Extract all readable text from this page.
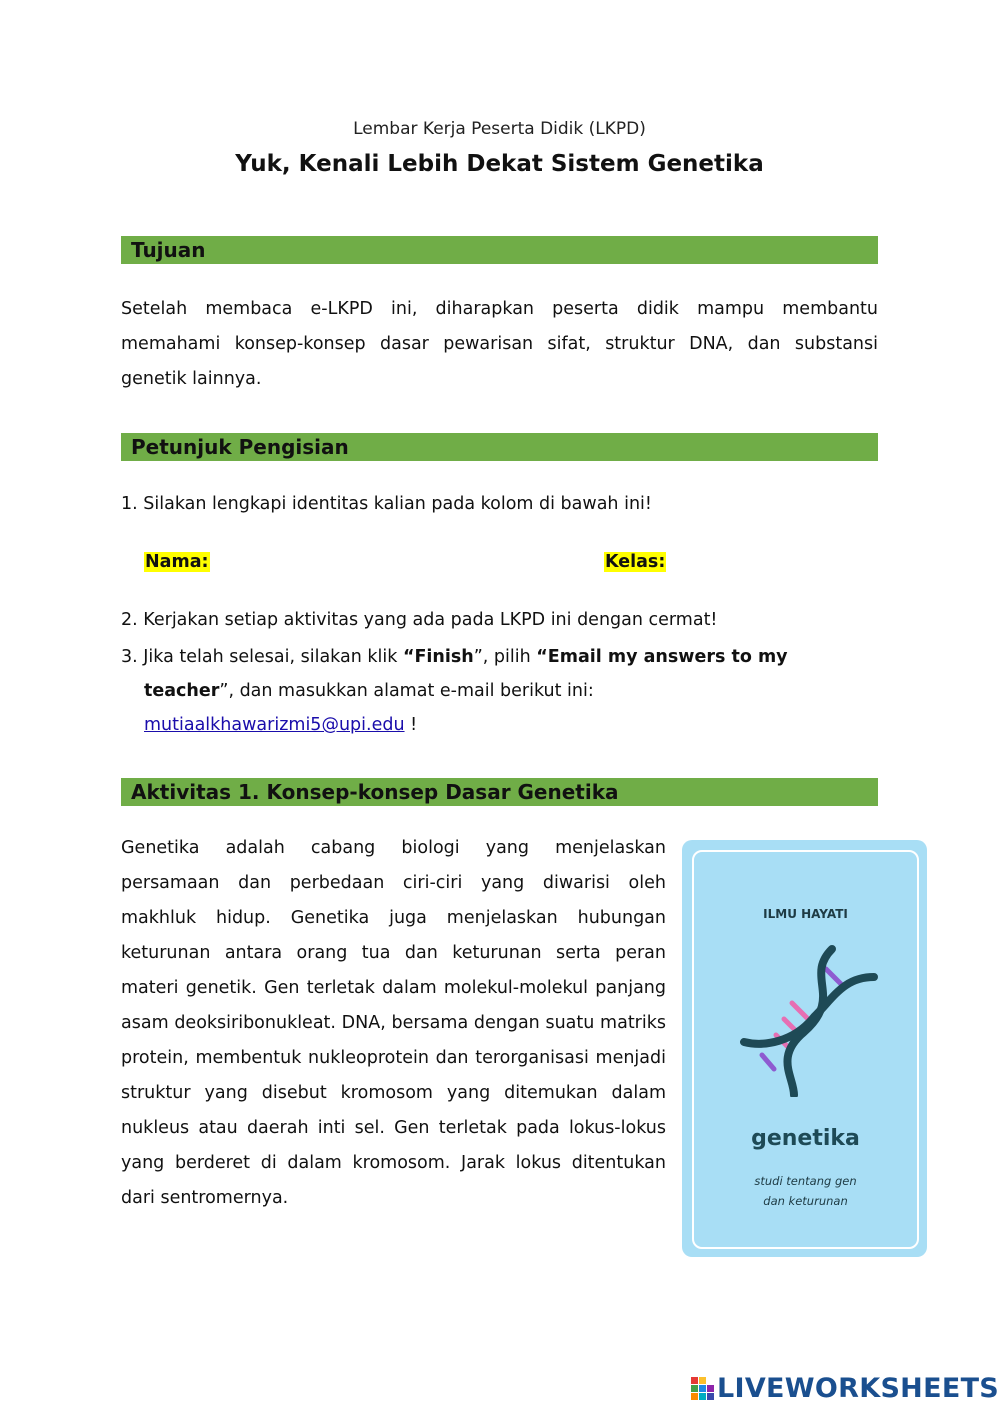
Lembar Kerja Peserta Didik (LKPD)
Yuk, Kenali Lebih Dekat Sistem Genetika
Tujuan
Setelah membaca e-LKPD ini, diharapkan peserta didik mampu membantu memahami konsep-konsep dasar pewarisan sifat, struktur DNA, dan substansi genetik lainnya.
Petunjuk Pengisian
1. Silakan lengkapi identitas kalian pada kolom di bawah ini!
Nama:	Kelas:
2. Kerjakan setiap aktivitas yang ada pada LKPD ini dengan cermat!
3. Jika telah selesai, silakan klik “Finish”, pilih “Email my answers to my
teacher”, dan masukkan alamat e-mail berikut ini:
mutiaalkhawarizmi5@upi.edu !
Aktivitas 1. Konsep-konsep Dasar Genetika
Genetika adalah cabang biologi yang menjelaskan persamaan dan perbedaan ciri-ciri yang diwarisi oleh makhluk hidup. Genetika juga menjelaskan hubungan keturunan antara orang tua dan keturunan serta peran materi genetik. Gen terletak dalam molekul-molekul panjang asam deoksiribonukleat. DNA, bersama dengan suatu matriks protein, membentuk nukleoprotein dan terorganisasi menjadi struktur yang disebut kromosom yang ditemukan dalam nukleus atau daerah inti sel. Gen terletak pada lokus-lokus yang berderet di dalam kromosom. Jarak lokus ditentukan dari sentromernya.
ILMU HAYATI
genetika
studi tentang gen
dan keturunan
LIVEWORKSHEETS
